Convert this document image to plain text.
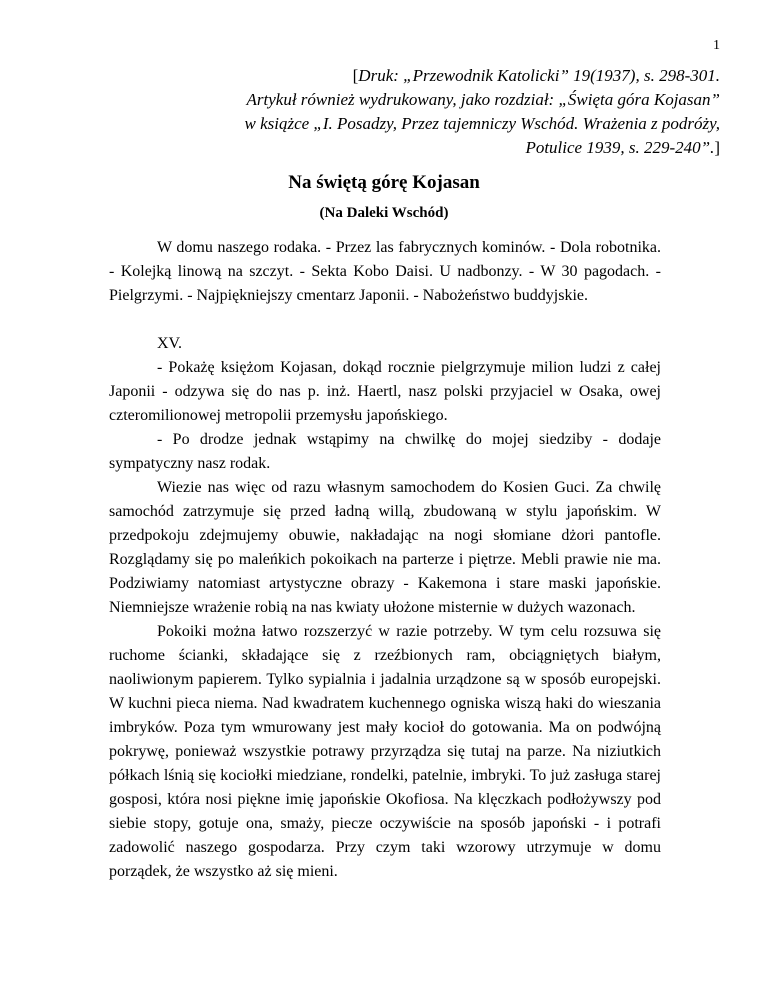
1
[Druk: „Przewodnik Katolicki” 19(1937), s. 298-301.
Artykuł również wydrukowany, jako rozdział: „Święta góra Kojasan”
w książce „I. Posadzy, Przez tajemniczy Wschód. Wrażenia z podróży,
Potulice 1939, s. 229-240”.]
Na świętą górę Kojasan
(Na Daleki Wschód)

W domu naszego rodaka. - Przez las fabrycznych kominów. - Dola robotnika. - Kolejką linową na szczyt. - Sekta Kobo Daisi. U nadbonzy. - W 30 pagodach. - Pielgrzymi. - Najpiękniejszy cmentarz Japonii. - Nabożeństwo buddyjskie.

XV.

- Pokażę księżom Kojasan, dokąd rocznie pielgrzymuje milion ludzi z całej Japonii - odzywa się do nas p. inż. Haertl, nasz polski przyjaciel w Osaka, owej czteromilionowej metropolii przemysłu japońskiego.

- Po drodze jednak wstąpimy na chwilkę do mojej siedziby - dodaje sympatyczny nasz rodak.

Wiezie nas więc od razu własnym samochodem do Kosien Guci. Za chwilę samochód zatrzymuje się przed ładną willą, zbudowaną w stylu japońskim. W przedpokoju zdejmujemy obuwie, nakładając na nogi słomiane dżori pantofle. Rozglądamy się po maleńkich pokoikach na parterze i piętrze. Mebli prawie nie ma. Podziwiamy natomiast artystyczne obrazy - Kakemona i stare maski japońskie. Niemniejsze wrażenie robią na nas kwiaty ułożone misternie w dużych wazonach.

Pokoiki można łatwo rozszerzyć w razie potrzeby. W tym celu rozsuwa się ruchome ścianki, składające się z rzeźbionych ram, obciągniętych białym, naoliwionym papierem. Tylko sypialnia i jadalnia urządzone są w sposób europejski. W kuchni pieca niema. Nad kwadratem kuchennego ogniska wiszą haki do wieszania imbryków. Poza tym wmurowany jest mały kocioł do gotowania. Ma on podwójną pokrywę, ponieważ wszystkie potrawy przyrządza się tutaj na parze. Na niziutkich półkach lśnią się kociołki miedziane, rondelki, patelnie, imbryki. To już zasługa starej gosposi, która nosi piękne imię japońskie Okofiosa. Na klęczkach podłożywszy pod siebie stopy, gotuje ona, smaży, piecze oczywiście na sposób japoński - i potrafi zadowolić naszego gospodarza. Przy czym taki wzorowy utrzymuje w domu porządek, że wszystko aż się mieni.
